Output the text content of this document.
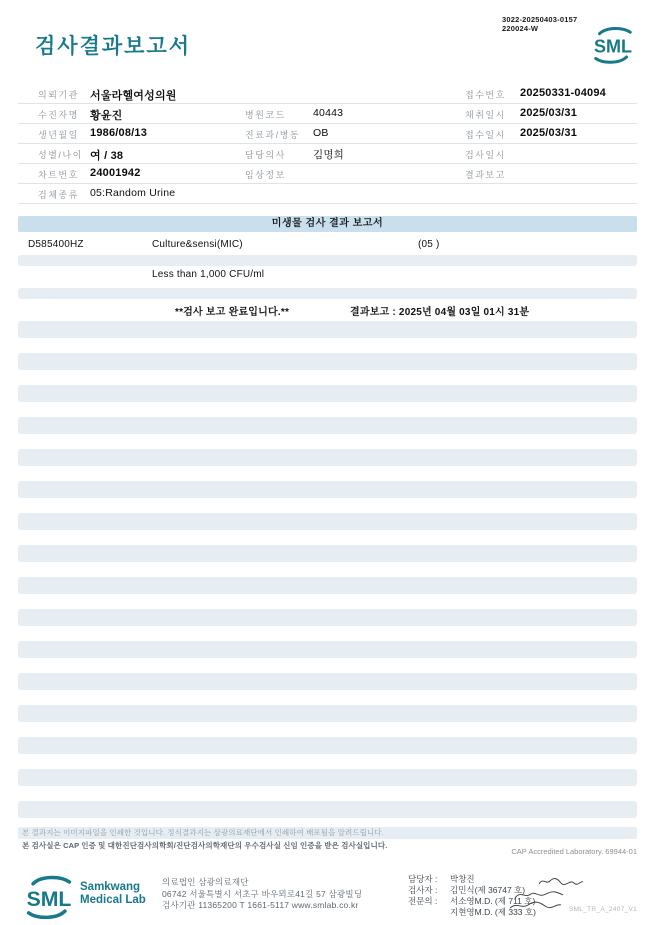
검사결과보고서
3022-20250403-0157
220024-W
SML
의뢰기관 서울라헬여성의원	접수번호 20250331-04094
수진자명 황윤진	병원코드	40443	채취일시 2025/03/31
생년월일 1986/08/13	진료과/병동 OB	접수일시 2025/03/31
성별/나이 여 / 38	담당의사	김명희	검사일시
차트번호 24001942	임상정보	결과보고
검체종류 05:Random Urine
미생물 검사 결과 보고서
D585400HZ	Culture&sensi(MIC)	(05 )
Less than 1,000 CFU/ml
**검사 보고 완료입니다.**	결과보고 : 2025년 04월 03일 01시 31분
본 결과지는 이미지파일을 인쇄한 것입니다. 정식결과지는 삼광의료재단에서 인쇄하여 배포됨을 알려드립니다.
본 검사실은 CAP 인증 및 대한진단검사의학회/진단검사의학재단의 우수검사실 신임 인증을 받은 검사실입니다.
CAP Accredited Laboratory. 69944-01
SML
Samkwang
Medical Lab
의료법인 삼광의료재단
06742 서울특별시 서초구 바우뫼로41길 57 삼광빌딩
검사기관 11365200 T 1661-5117 www.smlab.co.kr
담당자 : 박창진
검사자 : 김민식(제 36747 호)
전문의 : 서소영M.D. (제 711 호)
지현영M.D. (제 333 호)	SML_TR_A_2407_V1
